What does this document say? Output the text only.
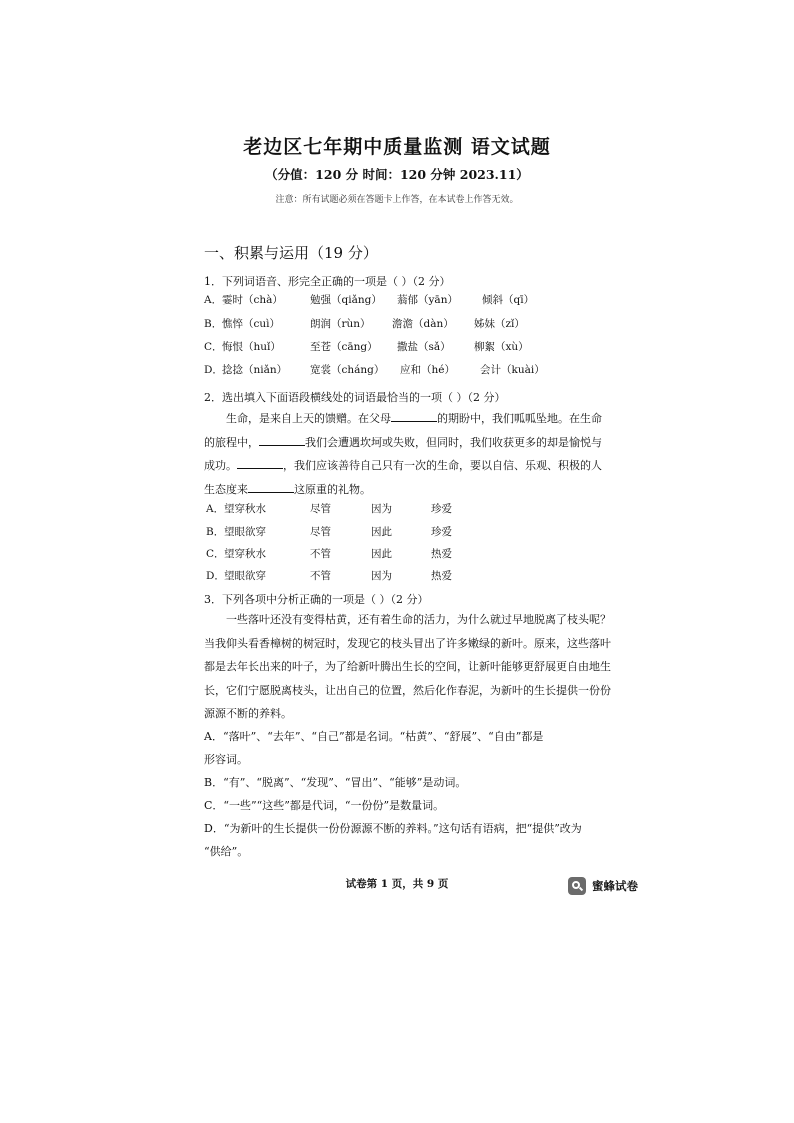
老边区七年期中质量监测 语文试题
（分值：120 分 时间：120 分钟 2023.11）
注意：所有试题必须在答题卡上作答，在本试卷上作答无效。
一、积累与运用（19 分）
1．下列词语音、形完全正确的一项是（ ）（2 分）
A． 霎时（chà）	勉强（qiǎng） 蓊郁（yān） 倾斜（qī）
B． 憔悴（cuì）	朗润（rùn） 澹澹（dàn） 姊妹（zǐ）
C． 悔恨（huǐ）	至苍（cāng） 撒盐（sǎ） 柳絮（xù）
D． 捻捻（niǎn） 宽裳（cháng） 应和（hé） 会计（kuài）
2．选出填入下面语段横线处的词语最恰当的一项（ ）（2 分）
生命，是来自上天的馈赠。在父母	的期盼中，我们呱呱坠地。在生命
的旅程中，	我们会遭遇坎坷或失败，但同时，我们收获更多的却是愉悦与
成功。	，我们应该善待自己只有一次的生命，要以自信、乐观、积极的人
生态度来	这原重的礼物。
A． 望穿秋水	尽管	因为	珍爱
B． 望眼欲穿	尽管	因此	珍爱
C． 望穿秋水	不管	因此	热爱
D． 望眼欲穿	不管	因为	热爱
3．下列各项中分析正确的一项是（ ）（2 分）
一些落叶还没有变得枯黄，还有着生命的活力，为什么就过早地脱离了枝头呢？
当我仰头看香樟树的树冠时，发现它的枝头冒出了许多嫩绿的新叶。原来，这些落叶
都是去年长出来的叶子，为了给新叶腾出生长的空间，让新叶能够更舒展更自由地生
长，它们宁愿脱离枝头，让出自己的位置，然后化作春泥，为新叶的生长提供一份份
源源不断的养料。
A．“落叶”、“去年”、“自己”都是名词。“枯黄”、“舒展”、“自由”都是
形容词。
B．“有”、“脱离”、“发现”、“冒出”、“能够”是动词。
C．“一些”“这些”都是代词，“一份份”是数量词。
D．“为新叶的生长提供一份份源源不断的养料。”这句话有语病，把“提供”改为
“供给”。
试卷第 1 页，共 9 页	蜜蜂试卷
